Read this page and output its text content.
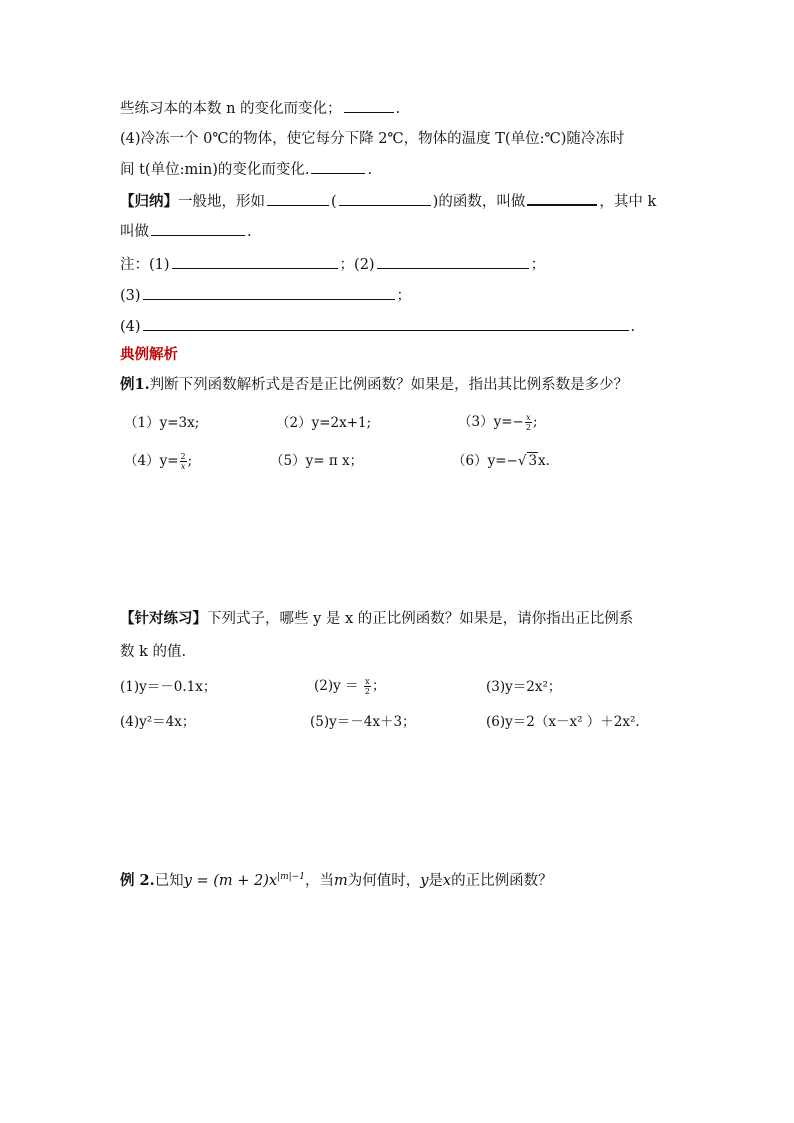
些练习本的本数 n 的变化而变化；	.
(4)冷冻一个 0℃的物体，使它每分下降 2℃，物体的温度 T(单位:℃)随冷冻时
间 t(单位:min)的变化而变化.	.
【归纳】一般地，形如	(	)的函数，叫做	，其中 k
叫做	.
注：(1)	；(2)	；
(3)	；
(4)	.
典例解析
例1.判断下列函数解析式是否是正比例函数？如果是，指出其比例系数是多少？
（1）y=3x;	（2）y=2x+1;	$(3)y=- \frac{x}{2}$ ;
$(4)y= \frac{2}{x}$ ;	（5）y= π x；	（6）y=−√ 3x.
【针对练习】下列式子，哪些 y 是 x 的正比例函数？如果是，请你指出正比例系
数 k 的值.
(1)y＝－0.1x；	$(2)y = \frac{x}{2}$ ；	(3)y＝2x²；
(4)y²＝4x；	(5)y＝－4x＋3；	(6)y＝2（x－x² ）＋2x².
例 2.已知$y = (m + 2)x^{|m|-1}$，当m为何值时，y是x的正比例函数？
